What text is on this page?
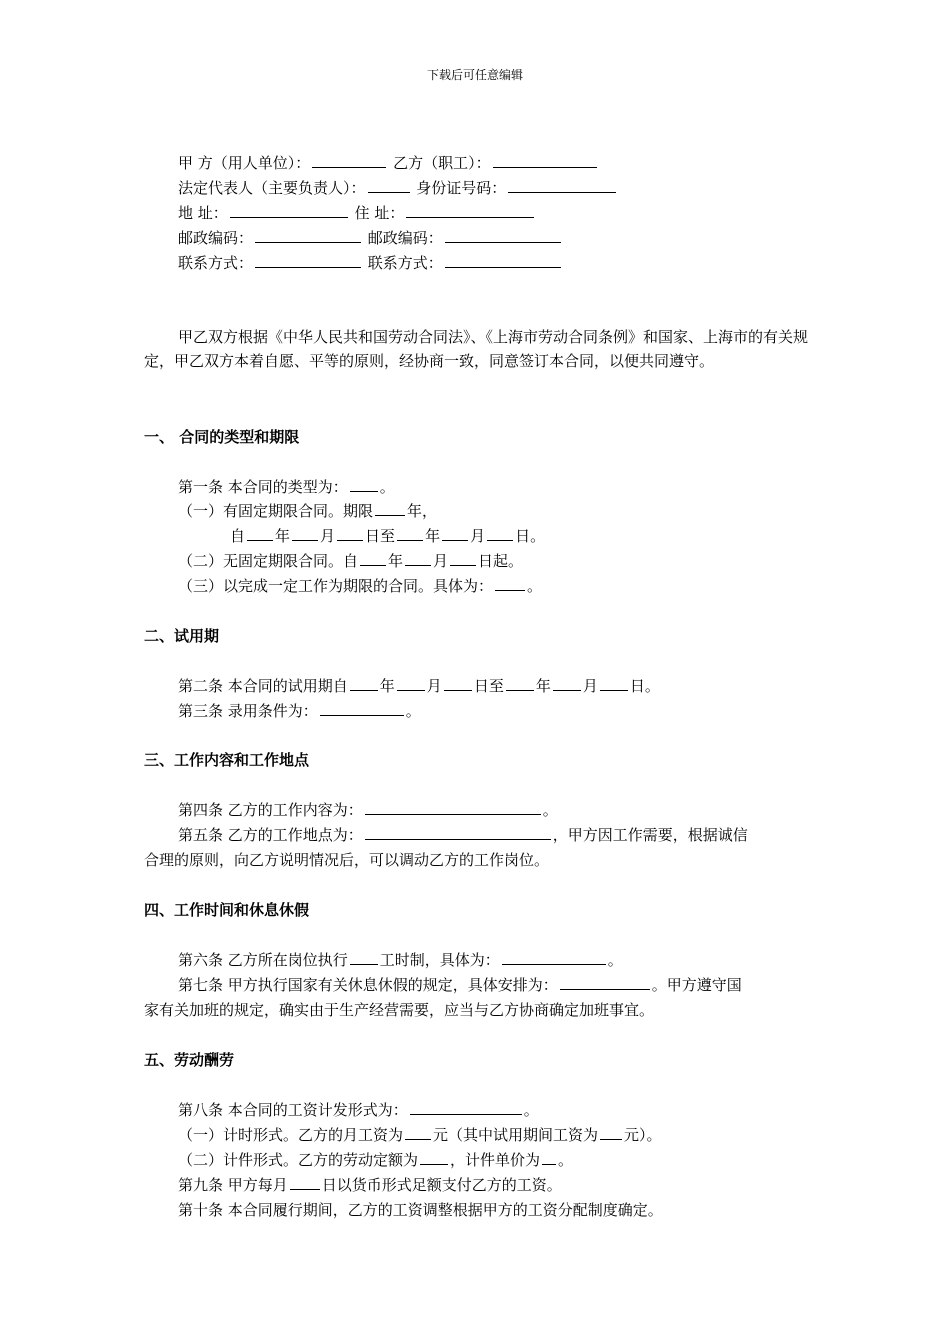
下载后可任意编辑
甲 方（用人单位）：	乙方（职工）：
法定代表人（主要负责人）：	身份证号码：
地 址：	住 址：
邮政编码：	邮政编码：
联系方式：	联系方式：
甲乙双方根据《中华人民共和国劳动合同法》、《上海市劳动合同条例》和国家、上海市的有关规定，甲乙双方本着自愿、平等的原则，经协商一致，同意签订本合同，以便共同遵守。
一、 合同的类型和期限
第一条 本合同的类型为： 。
（一）有固定期限合同。期限 年，
自 年 月 日至 年 月 日。
（二）无固定期限合同。自 年 月 日起。
（三）以完成一定工作为期限的合同。具体为： 。
二、试用期
第二条 本合同的试用期自 年 月 日至 年 月 日。
第三条 录用条件为：	。
三、工作内容和工作地点
第四条 乙方的工作内容为：	。
第五条 乙方的工作地点为：	，甲方因工作需要，根据诚信
合理的原则，向乙方说明情况后，可以调动乙方的工作岗位。
四、工作时间和休息休假
第六条 乙方所在岗位执行 工时制，具体为：	。
第七条 甲方执行国家有关休息休假的规定，具体安排为：	。甲方遵守国
家有关加班的规定，确实由于生产经营需要，应当与乙方协商确定加班事宜。
五、劳动酬劳
第八条 本合同的工资计发形式为：	。
（一）计时形式。乙方的月工资为 元（其中试用期间工资为 元）。
（二）计件形式。乙方的劳动定额为 ，计件单价为 。
第九条 甲方每月 日以货币形式足额支付乙方的工资。
第十条 本合同履行期间，乙方的工资调整根据甲方的工资分配制度确定。
